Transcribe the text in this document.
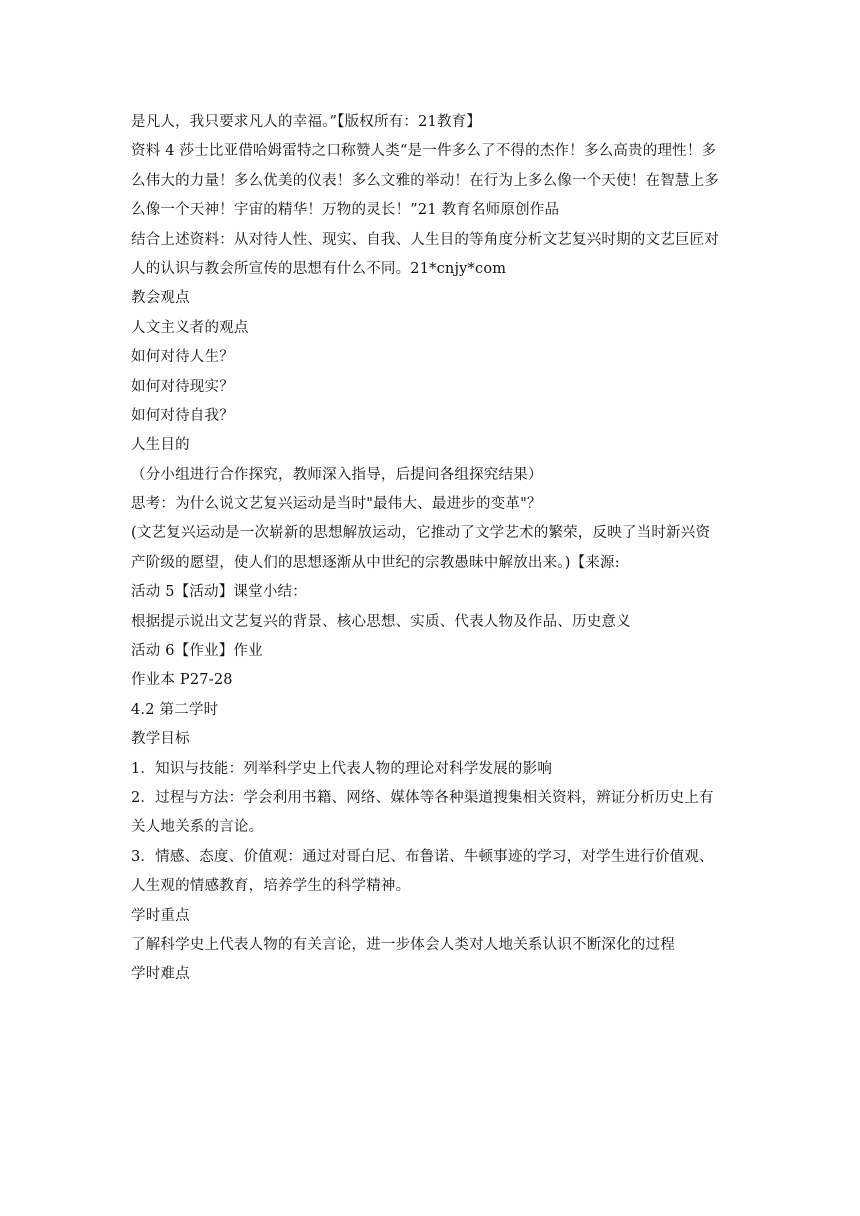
是凡人，我只要求凡人的幸福。”【版权所有：21教育】
资料 4 莎士比亚借哈姆雷特之口称赞人类“是一件多么了不得的杰作！多么高贵的理性！多
么伟大的力量！多么优美的仪表！多么文雅的举动！在行为上多么像一个天使！在智慧上多
么像一个天神！宇宙的精华！万物的灵长！”21 教育名师原创作品
结合上述资料：从对待人性、现实、自我、人生目的等角度分析文艺复兴时期的文艺巨匠对
人的认识与教会所宣传的思想有什么不同。21*cnjy*com
教会观点
人文主义者的观点
如何对待人生？
如何对待现实？
如何对待自我？
人生目的
（分小组进行合作探究，教师深入指导，后提问各组探究结果）
思考：为什么说文艺复兴运动是当时"最伟大、最进步的变革"？
(文艺复兴运动是一次崭新的思想解放运动，它推动了文学艺术的繁荣，反映了当时新兴资
产阶级的愿望，使人们的思想逐渐从中世纪的宗教愚昧中解放出来。)【来源:
活动 5【活动】课堂小结：
根据提示说出文艺复兴的背景、核心思想、实质、代表人物及作品、历史意义
活动 6【作业】作业
作业本 P27-28
4.2 第二学时
教学目标
1．知识与技能：列举科学史上代表人物的理论对科学发展的影响
2．过程与方法：学会利用书籍、网络、媒体等各种渠道搜集相关资料，辨证分析历史上有
关人地关系的言论。
3．情感、态度、价值观：通过对哥白尼、布鲁诺、牛顿事迹的学习，对学生进行价值观、
人生观的情感教育，培养学生的科学精神。
学时重点
了解科学史上代表人物的有关言论，进一步体会人类对人地关系认识不断深化的过程
学时难点
